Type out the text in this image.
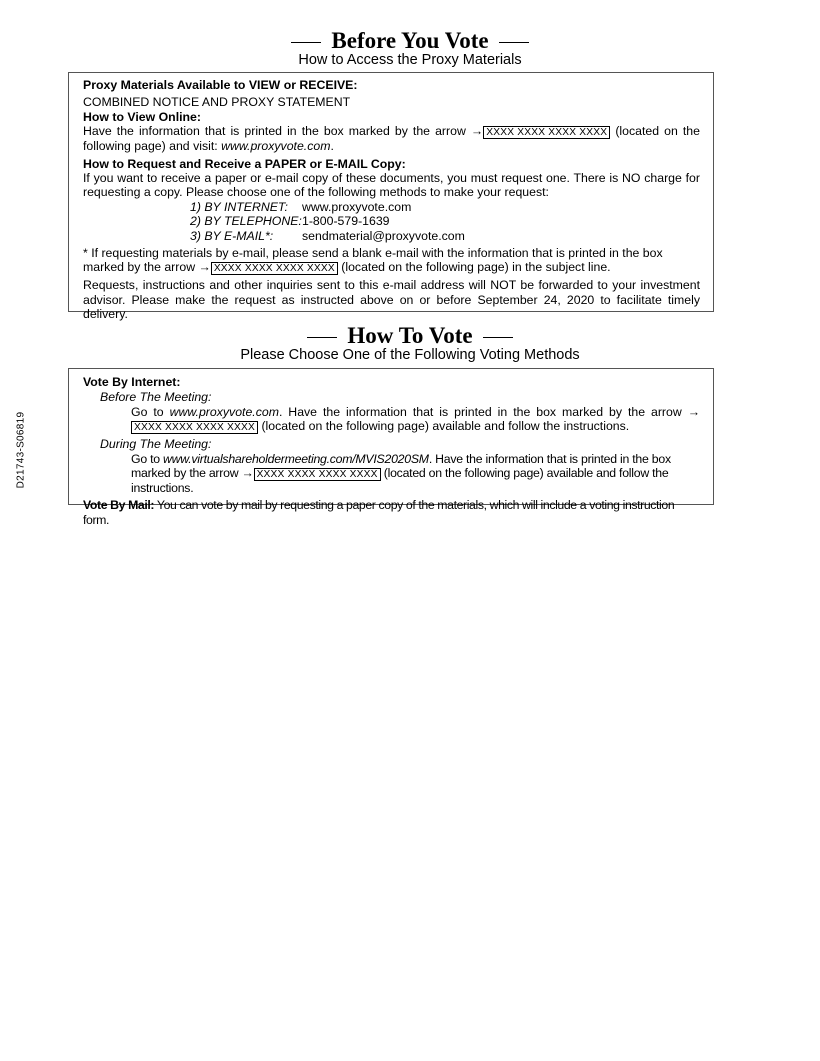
D21743-S06819
Before You Vote
How to Access the Proxy Materials
Proxy Materials Available to VIEW or RECEIVE:
COMBINED NOTICE AND PROXY STATEMENT
How to View Online:
Have the information that is printed in the box marked by the arrow → XXXX XXXX XXXX XXXX (located on the following page) and visit: www.proxyvote.com.
How to Request and Receive a PAPER or E-MAIL Copy:
If you want to receive a paper or e-mail copy of these documents, you must request one. There is NO charge for requesting a copy. Please choose one of the following methods to make your request:
1) BY INTERNET:	www.proxyvote.com
2) BY TELEPHONE: 1-800-579-1639
3) BY E-MAIL*:	sendmaterial@proxyvote.com
* If requesting materials by e-mail, please send a blank e-mail with the information that is printed in the box marked by the arrow → XXXX XXXX XXXX XXXX (located on the following page) in the subject line.
Requests, instructions and other inquiries sent to this e-mail address will NOT be forwarded to your investment advisor. Please make the request as instructed above on or before September 24, 2020 to facilitate timely delivery.
How To Vote
Please Choose One of the Following Voting Methods
Vote By Internet:
Before The Meeting:
Go to www.proxyvote.com. Have the information that is printed in the box marked by the arrow →XXXX XXXX XXXX XXXX (located on the following page) available and follow the instructions.
During The Meeting:
Go to www.virtualshareholdermeeting.com/MVIS2020SM. Have the information that is printed in the box marked by the arrow → XXXX XXXX XXXX XXXX (located on the following page) available and follow the instructions.
Vote By Mail: You can vote by mail by requesting a paper copy of the materials, which will include a voting instruction form.
